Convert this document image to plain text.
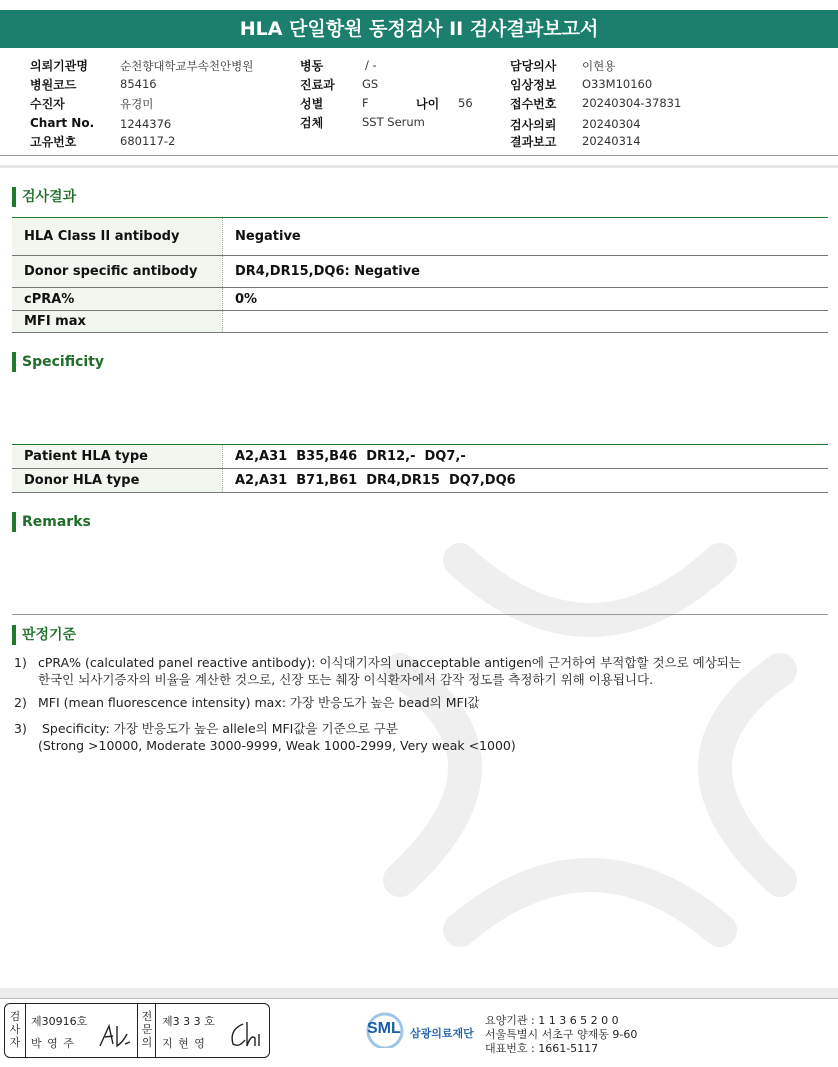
HLA 단일항원 동정검사 II 검사결과보고서
의뢰기관명	순천향대학교부속천안병원
병원코드	85416
수진자	유경미
Chart No. 1244376
고유번호	680117-2
병동	/ -
진료과 GS
성별	F	나이 56
검체	SST Serum
담당의사 이현용
임상정보 O33M10160
접수번호 20240304-37831
검사의뢰 20240304
결과보고 20240314
검사결과
HLA Class II antibody	Negative
Donor specific antibody	DR4,DR15,DQ6: Negative
cPRA%	0%
MFI max	
Specificity
Patient HLA type	A2,A31  B35,B46  DR12,-  DQ7,-
Donor HLA type	A2,A31  B71,B61  DR4,DR15  DQ7,DQ6
Remarks
판정기준
1) cPRA% (calculated panel reactive antibody): 이식대기자의 unacceptable antigen에 근거하여 부적합할 것으로 예상되는
한국인 뇌사기증자의 비율을 계산한 것으로, 신장 또는 췌장 이식환자에서 감작 정도를 측정하기 위해 이용됩니다.
2) MFI (mean fluorescence intensity) max: 가장 반응도가 높은 bead의 MFI값
3) Specificity: 가장 반응도가 높은 allele의 MFI값을 기준으로 구분
(Strong >10000, Moderate 3000-9999, Weak 1000-2999, Very weak <1000)
검사자
제30916호
박 영 주
전문의
제3 3 3 호
지 현 영
SML 삼광의료재단
요양기관 : 1 1 3 6 5 2 0 0
서울특별시 서초구 양재동 9-60
대표번호 : 1661-5117
